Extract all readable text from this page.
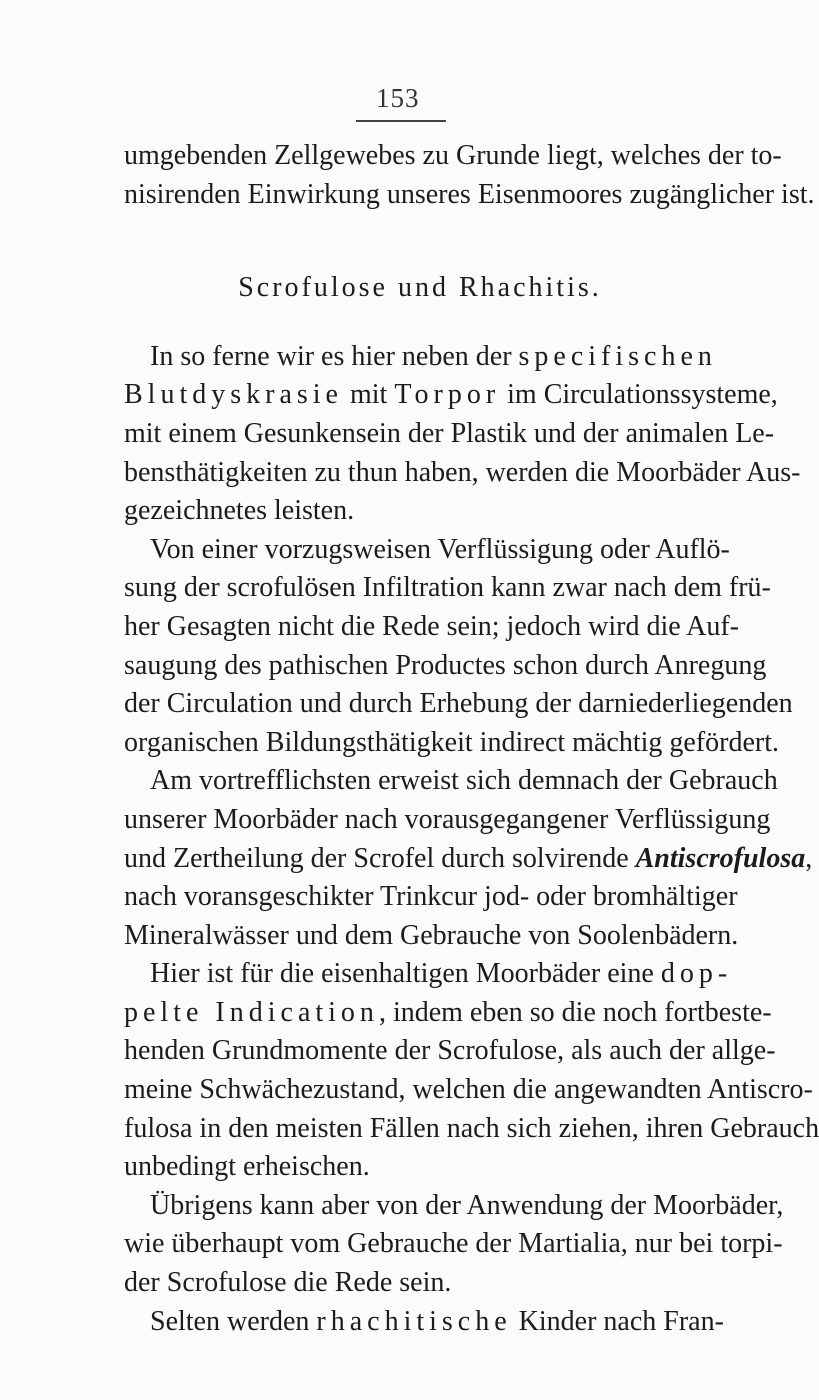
153

umgebenden Zellgewebes zu Grunde liegt, welches der to-
nisirenden Einwirkung unseres Eisenmoores zugänglicher ist.

Scrofulose und Rhachitis.

In so ferne wir es hier neben der specifischen
Blutdyskrasie mit Torpor im Circulationssysteme,
mit einem Gesunkensein der Plastik und der animalen Le-
bensthätigkeiten zu thun haben, werden die Moorbäder Aus-
gezeichnetes leisten.

Von einer vorzugsweisen Verflüssigung oder Auflö-
sung der scrofulösen Infiltration kann zwar nach dem frü-
her Gesagten nicht die Rede sein; jedoch wird die Auf-
saugung des pathischen Productes schon durch Anregung
der Circulation und durch Erhebung der darniederliegenden
organischen Bildungsthätigkeit indirect mächtig gefördert.

Am vortrefflichsten erweist sich demnach der Gebrauch
unserer Moorbäder nach vorausgegangener Verflüssigung
und Zertheilung der Scrofel durch solvirende Antiscrofulosa,
nach voransgeschikter Trinkcur jod- oder bromhältiger
Mineralwässer und dem Gebrauche von Soolenbädern.

Hier ist für die eisenhaltigen Moorbäder eine dop-
pelte Indication, indem eben so die noch fortbeste-
henden Grundmomente der Scrofulose, als auch der allge-
meine Schwächezustand, welchen die angewandten Antiscro-
fulosa in den meisten Fällen nach sich ziehen, ihren Gebrauch
unbedingt erheischen.

Übrigens kann aber von der Anwendung der Moorbäder,
wie überhaupt vom Gebrauche der Martialia, nur bei torpi-
der Scrofulose die Rede sein.

Selten werden rhachitische Kinder nach Fran-
